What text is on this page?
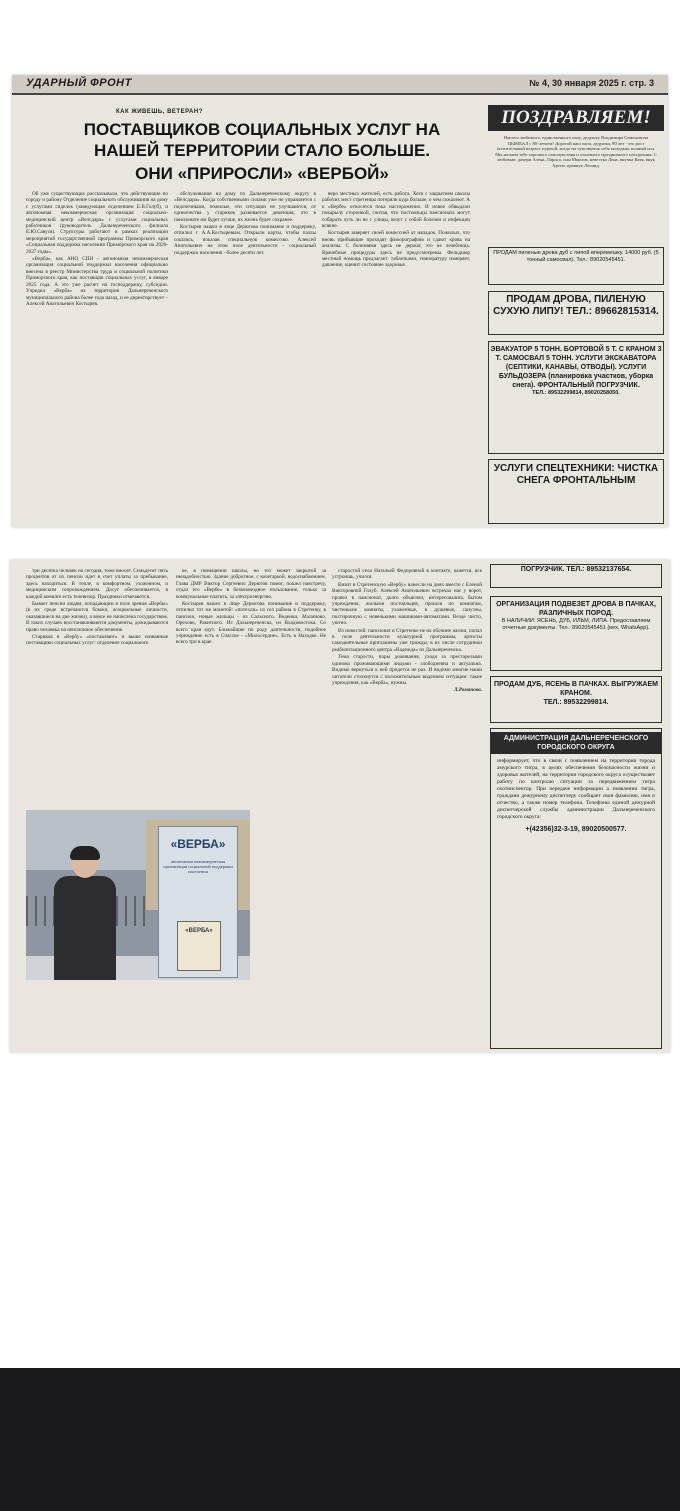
УДАРНЫЙ ФРОНТ	№ 4, 30 января 2025 г. стр. 3
КАК ЖИВЕШЬ, ВЕТЕРАН?
ПОСТАВЩИКОВ СОЦИАЛЬНЫХ УСЛУГ НА НАШЕЙ ТЕРРИТОРИИ СТАЛО БОЛЬШЕ.
ОНИ «ПРИРОСЛИ» «ВЕРБОЙ»

Об уже существующих рассказывали, что действующие по городу и району Отделение социального обслуживания на дому с услугами сиделок (заведующая отделением Е.В.Голуб), и автономная некоммерческая организация социально-медицинский центр «Велсдара» с услугами социальных работников (руководитель Дальнереченского филиала Е.Ю.Савуся). Структуры работают в рамках реализации мероприятий государственной программы Приморского края «Социальная поддержка населения Приморского края на 2020-2027 годы».

«Верба», как АНО СПН - автономная некоммерческая организация социальной поддержки населения официально внесена в реестр Министерства труда и социальной политики Приморского края, как поставщик социальных услуг, в январе 2025 года. А это уже расчет на господдержку, субсидии. Учредил «Верба» на территории Дальнереченского муниципального района более года назад, и ее директорствует – Алексей Анатольевич Костырев.

обслуживания на дому по Дальнереченскому округу в «Велсдара». Когда собственными силами уже не управляется с подопечными, пожилые, эти ситуации не улучшаются, от одиночества у стариков развивается деменция, что в пансионате им будет лучше, их жизнь будет сохранее.

Костырев нашел в лице Дерюгова понимание и поддержку, отпилил с А.А.Костыревым. Открыли карты, чтобы пазлы сошлись, показав специальную комиссию. Алексей Анатольевич на этом поле деятельности - социальный поддержки населения - более десяти лет.

веро местных жителей, есть работа. Хотя с закрытием школы рабочих мест стретенцы потеряли куда больше, о чем сожалеют. А к «Вербе» относятся пока настороженно. И новое обвыдали покарылу сторонкой, считая, что постояльцы пансионата могут собирать чуть ли не с улицы, везут с собой болезни и инфекции всякие.

Костырев заверяет своей комиссией от нападок. Пожилых, что вновь прибывшие проходят флюорографию и сдают кровь на анализы. С болезнями здесь не держат, это не лечебница. Врачебные процедуры здесь не предусмотрены. Фельдшер местный помощь предлагает: таблетками, температуру измеряет, давление, оценит состояние здоровья.

ПОЗДРАВЛЯЕМ!
Нашего любимого, единственного папу, дедушку Владимира Семеновича ЦЫМБАЛ с 80-летием! Дорогой наш папа, дедушка, 80 лет - это рост почтительный возраст годовой, когда ты чувствуешь себя молодым, полный сил. Мы желаем тебе хорошего самочувствия и отличного праздничного настроения. С любовью: дочери Алена, Лариса, сын Максим, невестка Лена, внучка Катя, внук Артем, правнук Леонид.
ПРОДАМ пиленые дрова дуб с липой вперемешку. 14000 руб. (5 тонный самосвал). Тел.: 89020545451.
ПРОДАМ ДРОВА, ПИЛЕНУЮ СУХУЮ ЛИПУ! ТЕЛ.: 89662815314.
ЭВАКУАТОР 5 ТОНН. БОРТОВОЙ 5 Т. С КРАНОМ 3 Т. САМОСВАЛ 5 ТОНН. УСЛУГИ ЭКСКАВАТОРА (СЕПТИКИ, КАНАВЫ, ОТВОДЫ). УСЛУГИ БУЛЬДОЗЕРА (планировка участков, уборка снега). ФРОНТАЛЬНЫЙ ПОГРУЗЧИК.
ТЕЛ.: 89532299814, 89020258050.
УСЛУГИ СПЕЦТЕХНИКИ: ЧИСТКА СНЕГА ФРОНТАЛЬНЫМ

три десятка человек на сегодня, тоже виосят. Семьдесят пять процентов от их пенсии идет в счет уплаты за пребывание, здесь находиться. В тепле, в комфортном, ухоженном, и медицинским сопровождением. Досуг обеспечивается, в каждой комнате есть телевизор. Праздники отмечаются.

Бывает пенсии людям, попадающим в поле зрения «Вербы» (в их среде встречаются бомжи, асоциальные личности, оказавшиеся на дне жизни), а вовсе не начислена государством. В таких случаях восстанавливаются документы, дожидываются право человека на пенсионное обеспечение.

Стариков в «Вербу» «поставляют» и выше названные поставщики социальных услуг: отделение социального

ке, в помещении школы, но тот может закрытой за ненадобностью. Здание добротное, с кочегаркой, водоснабжением. Глава ДМР Виктор Сергеевич Дерюгов помог, пошел навстречу, отдал его «Вербе» в безвозмездное пользование, только за коммунальные платить, за электроэнергию.

Костырев нашел в лице Дерюгова понимание и поддержку, отпилил тот же монетой: «потехли» из сел района в Стретенку, в пансион, новые жильцы - из Сальского, Веденки, Малиново, Орехово, Ракитного. Из Дальнереченска, из Владивостока. Со всего края едут. Ближайшие по роду деятельности, подобное учреждение есть в Спасске - «Милосердие». Есть в Находке. Не всего три в крае.

старостой села Натальей Федоровной в контакте, кажется, все устроишь, учился.

Визит в Стретенскую «Вербу» нанесли на днях вместе с Еленой Викторовной Голуб. Алексей Анатольевич встречал нас у ворот, провел в пансионат, долго объяснял, интересовались бытом учреждения, жилыми постояльцев, прошли по комнатам, чистенькие комнаты, ухоженные, в душевые, санузлы, постирочную с новенькими машинами-автоматами. Везде чисто, уютно.

Из новостей: пансионат в Стретенке не на обочине жизни, попал в поле деятельности культурной программы, артисты самодеятельные приглашены уже трижды, в их числе сотрудники реабилитационного центра «Надежда» из Дальнереченска.

Тема старости, поры доживания, уходя за престарелыми одиноко проживающими людьми - злободневна и актуальна. Видимо вернуться к ней придется не раз. И видимо многие наши читатели столкнутся с положительным видением ситуации: такие учреждения, как «Верба», нужны.

Л.Романова.
«ВЕРБА»
автономная некоммерческая организация социальной поддержки населения
«ВЕРБА»
ПОГРУЗЧИК. ТЕЛ.: 89532137654.
ОРГАНИЗАЦИЯ ПОДВЕЗЕТ ДРОВА В ПАЧКАХ, РАЗЛИЧНЫХ ПОРОД.
В НАЛИЧИИ: ЯСЕНЬ, ДУБ, ИЛЬМ, ЛИПА. Предоставляем отчетные документы. Тел.: 89020545451 (вex, WhatsApp).
ПРОДАМ ДУБ, ЯСЕНЬ В ПАЧКАХ. ВЫГРУЖАЕМ КРАНОМ.
ТЕЛ.: 89532299814.
АДМИНИСТРАЦИЯ ДАЛЬНЕРЕЧЕНСКОГО ГОРОДСКОГО ОКРУГА
информирует, что в связи с появлением на территории города амурского тигра, в целях обеспечения безопасности жизни и здоровья жителей, на территории городского округа осуществляет работу по контролю ситуации за передвижением тигра охотинспектор. При передаче информации о появлении тигра, граждани дежурному диспетчеру сообщает свои фамилию, имя и отчество, а также номер телефона. Телефоны единой дежурной диспетчерской службы администрации Дальнереченского городского округа:
+(42356)32-3-19, 89020500577.
